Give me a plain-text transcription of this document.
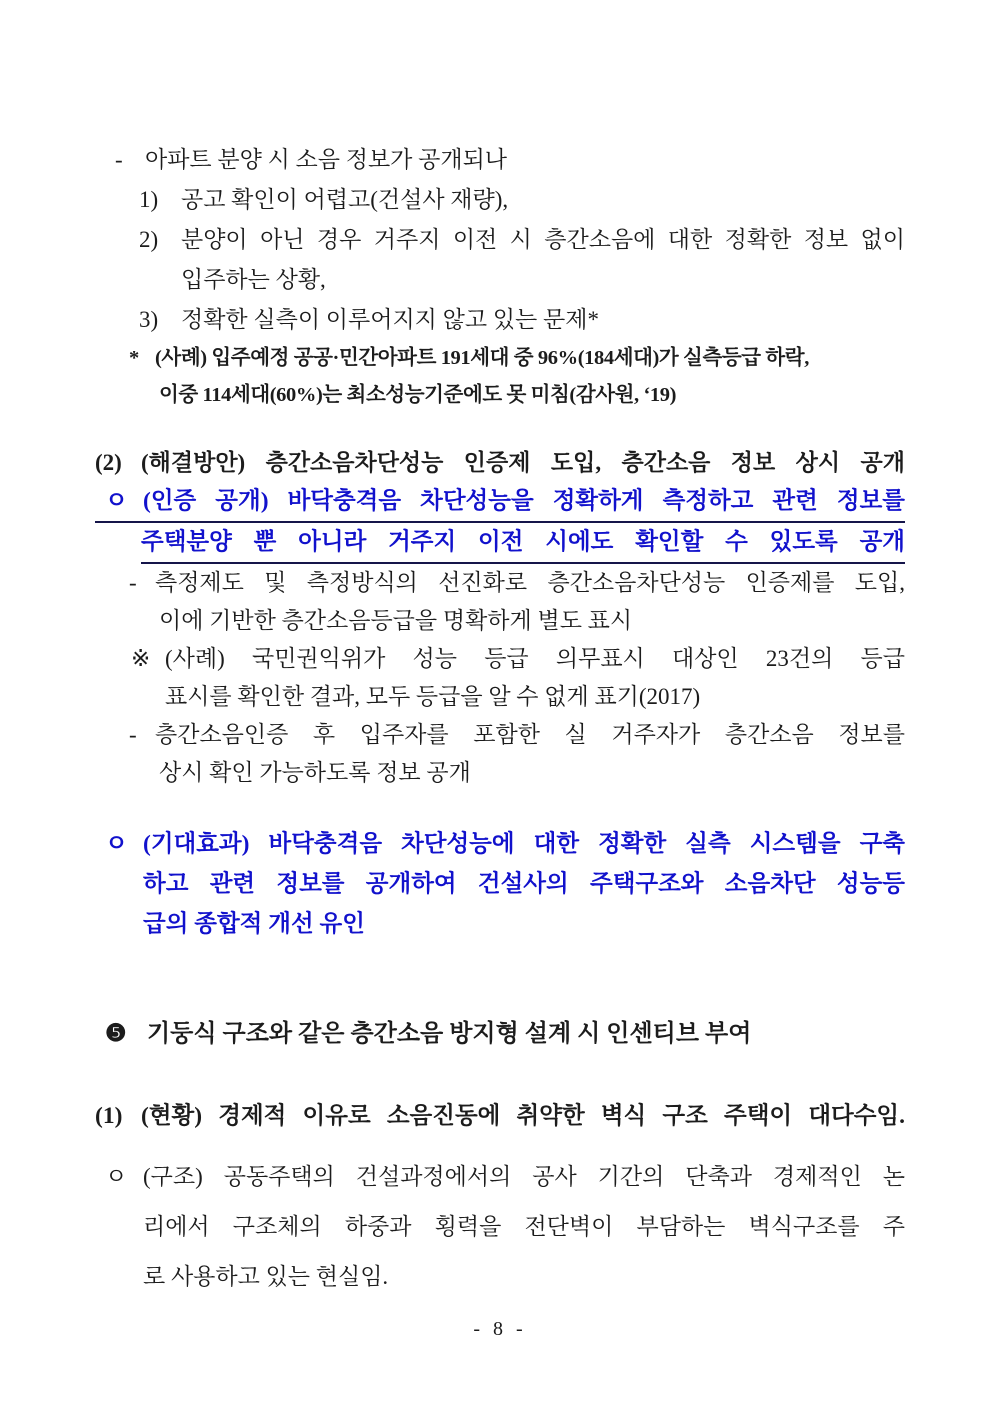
- 아파트 분양 시 소음 정보가 공개되나
1) 공고 확인이 어렵고(건설사 재량),
2) 분양이 아닌 경우 거주지 이전 시 층간소음에 대한 정확한 정보 없이
입주하는 상황,
3) 정확한 실측이 이루어지지 않고 있는 문제*
* (사례) 입주예정 공공·민간아파트 191세대 중 96%(184세대)가 실측등급 하락,
이중 114세대(60%)는 최소성능기준에도 못 미침(감사원, ‘19)
(2) (해결방안) 층간소음차단성능 인증제 도입, 층간소음 정보 상시 공개
ㅇ (인증 공개) 바닥충격음 차단성능을 정확하게 측정하고 관련 정보를
주택분양 뿐 아니라 거주지 이전 시에도 확인할 수 있도록 공개
- 측정제도 및 측정방식의 선진화로 층간소음차단성능 인증제를 도입,
이에 기반한 층간소음등급을 명확하게 별도 표시
※ (사례) 국민권익위가 성능 등급 의무표시 대상인 23건의 등급
표시를 확인한 결과, 모두 등급을 알 수 없게 표기(2017)
- 층간소음인증 후 입주자를 포함한 실 거주자가 층간소음 정보를
상시 확인 가능하도록 정보 공개
ㅇ (기대효과) 바닥충격음 차단성능에 대한 정확한 실측 시스템을 구축
하고 관련 정보를 공개하여 건설사의 주택구조와 소음차단 성능등
급의 종합적 개선 유인
❺ 기둥식 구조와 같은 층간소음 방지형 설계 시 인센티브 부여
(1) (현황) 경제적 이유로 소음진동에 취약한 벽식 구조 주택이 대다수임.
ㅇ (구조) 공동주택의 건설과정에서의 공사 기간의 단축과 경제적인 논
리에서 구조체의 하중과 횡력을 전단벽이 부담하는 벽식구조를 주
로 사용하고 있는 현실임.
- 8 -
